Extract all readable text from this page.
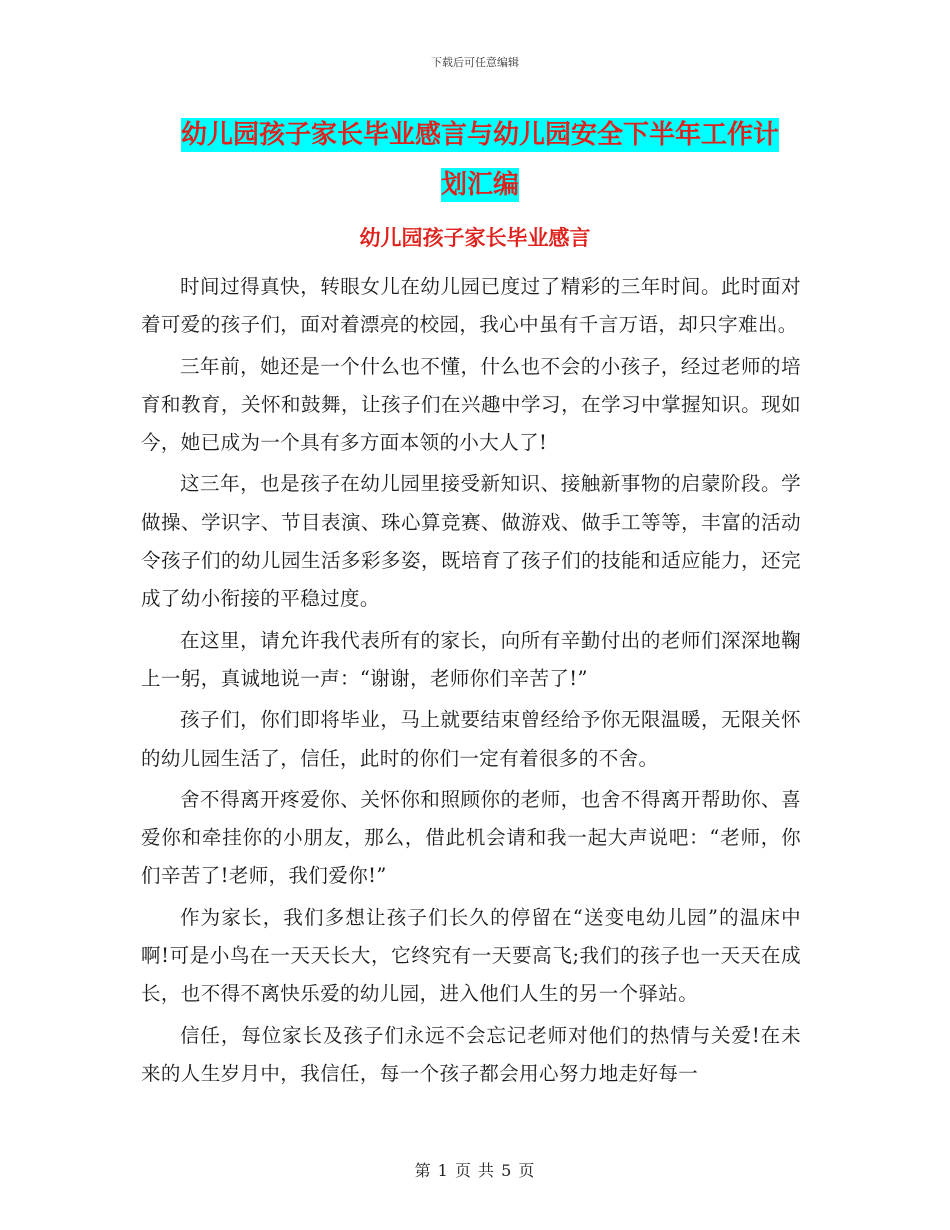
下载后可任意编辑
幼儿园孩子家长毕业感言与幼儿园安全下半年工作计
划汇编
幼儿园孩子家长毕业感言

时间过得真快，转眼女儿在幼儿园已度过了精彩的三年时间。此时面对着可爱的孩子们，面对着漂亮的校园，我心中虽有千言万语，却只字难出。

三年前，她还是一个什么也不懂，什么也不会的小孩子，经过老师的培育和教育，关怀和鼓舞，让孩子们在兴趣中学习，在学习中掌握知识。现如今，她已成为一个具有多方面本领的小大人了!

这三年，也是孩子在幼儿园里接受新知识、接触新事物的启蒙阶段。学做操、学识字、节目表演、珠心算竞赛、做游戏、做手工等等，丰富的活动令孩子们的幼儿园生活多彩多姿，既培育了孩子们的技能和适应能力，还完成了幼小衔接的平稳过度。

在这里，请允许我代表所有的家长，向所有辛勤付出的老师们深深地鞠上一躬，真诚地说一声：“谢谢，老师你们辛苦了!”

孩子们，你们即将毕业，马上就要结束曾经给予你无限温暖，无限关怀的幼儿园生活了，信任，此时的你们一定有着很多的不舍。

舍不得离开疼爱你、关怀你和照顾你的老师，也舍不得离开帮助你、喜爱你和牵挂你的小朋友，那么，借此机会请和我一起大声说吧：“老师，你们辛苦了!老师，我们爱你!”

作为家长，我们多想让孩子们长久的停留在“送变电幼儿园”的温床中啊!可是小鸟在一天天长大，它终究有一天要高飞;我们的孩子也一天天在成长，也不得不离快乐爱的幼儿园，进入他们人生的另一个驿站。

信任，每位家长及孩子们永远不会忘记老师对他们的热情与关爱!在未来的人生岁月中，我信任，每一个孩子都会用心努力地走好每一

第 1 页 共 5 页
